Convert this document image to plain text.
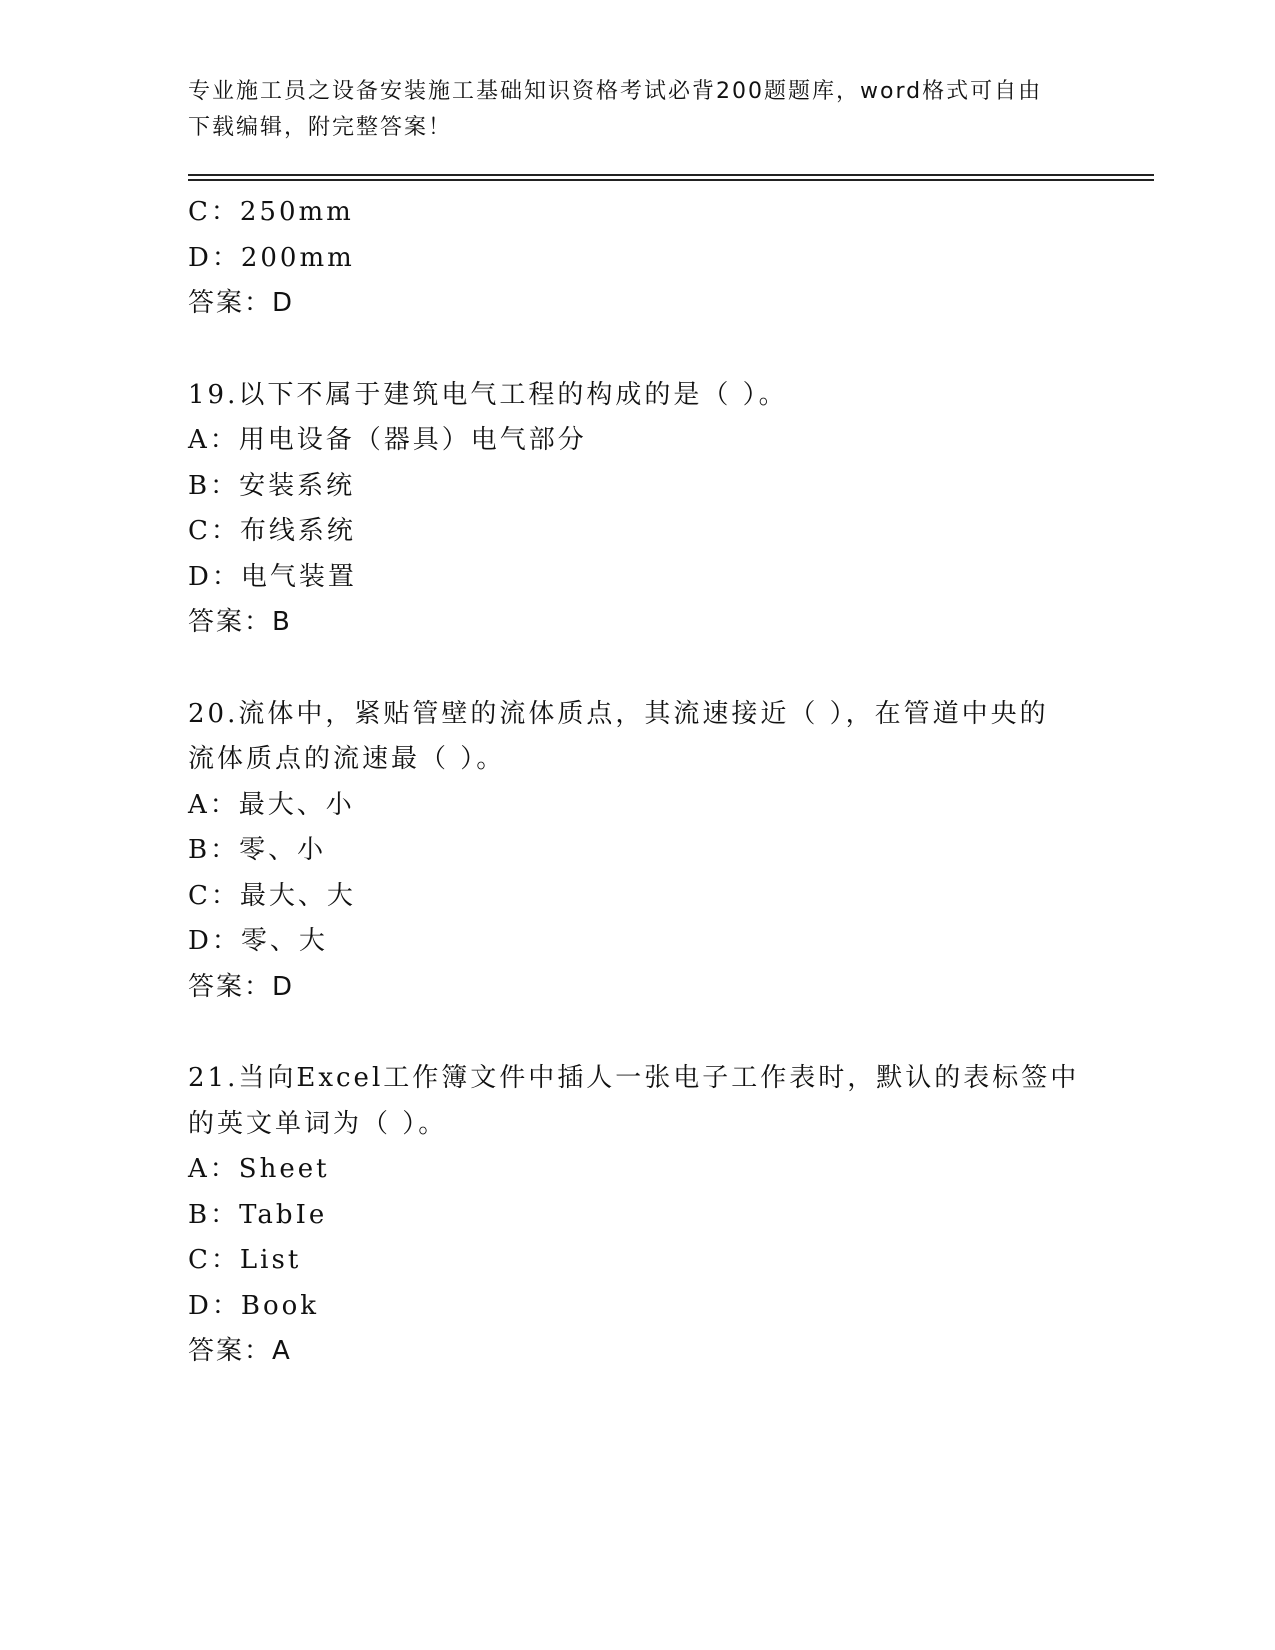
专业施工员之设备安装施工基础知识资格考试必背200题题库，word格式可自由
下载编辑，附完整答案！
C：250mm
D：200mm
答案：D
19.以下不属于建筑电气工程的构成的是（ ）。
A：用电设备（器具）电气部分
B：安装系统
C：布线系统
D：电气装置
答案：B
20.流体中，紧贴管壁的流体质点，其流速接近（ ），在管道中央的
流体质点的流速最（ ）。
A：最大、小
B：零、小
C：最大、大
D：零、大
答案：D
21.当向Excel工作簿文件中插人一张电子工作表时，默认的表标签中
的英文单词为（ ）。
A：Sheet
B：TabIe
C：List
D：Book
答案：A
